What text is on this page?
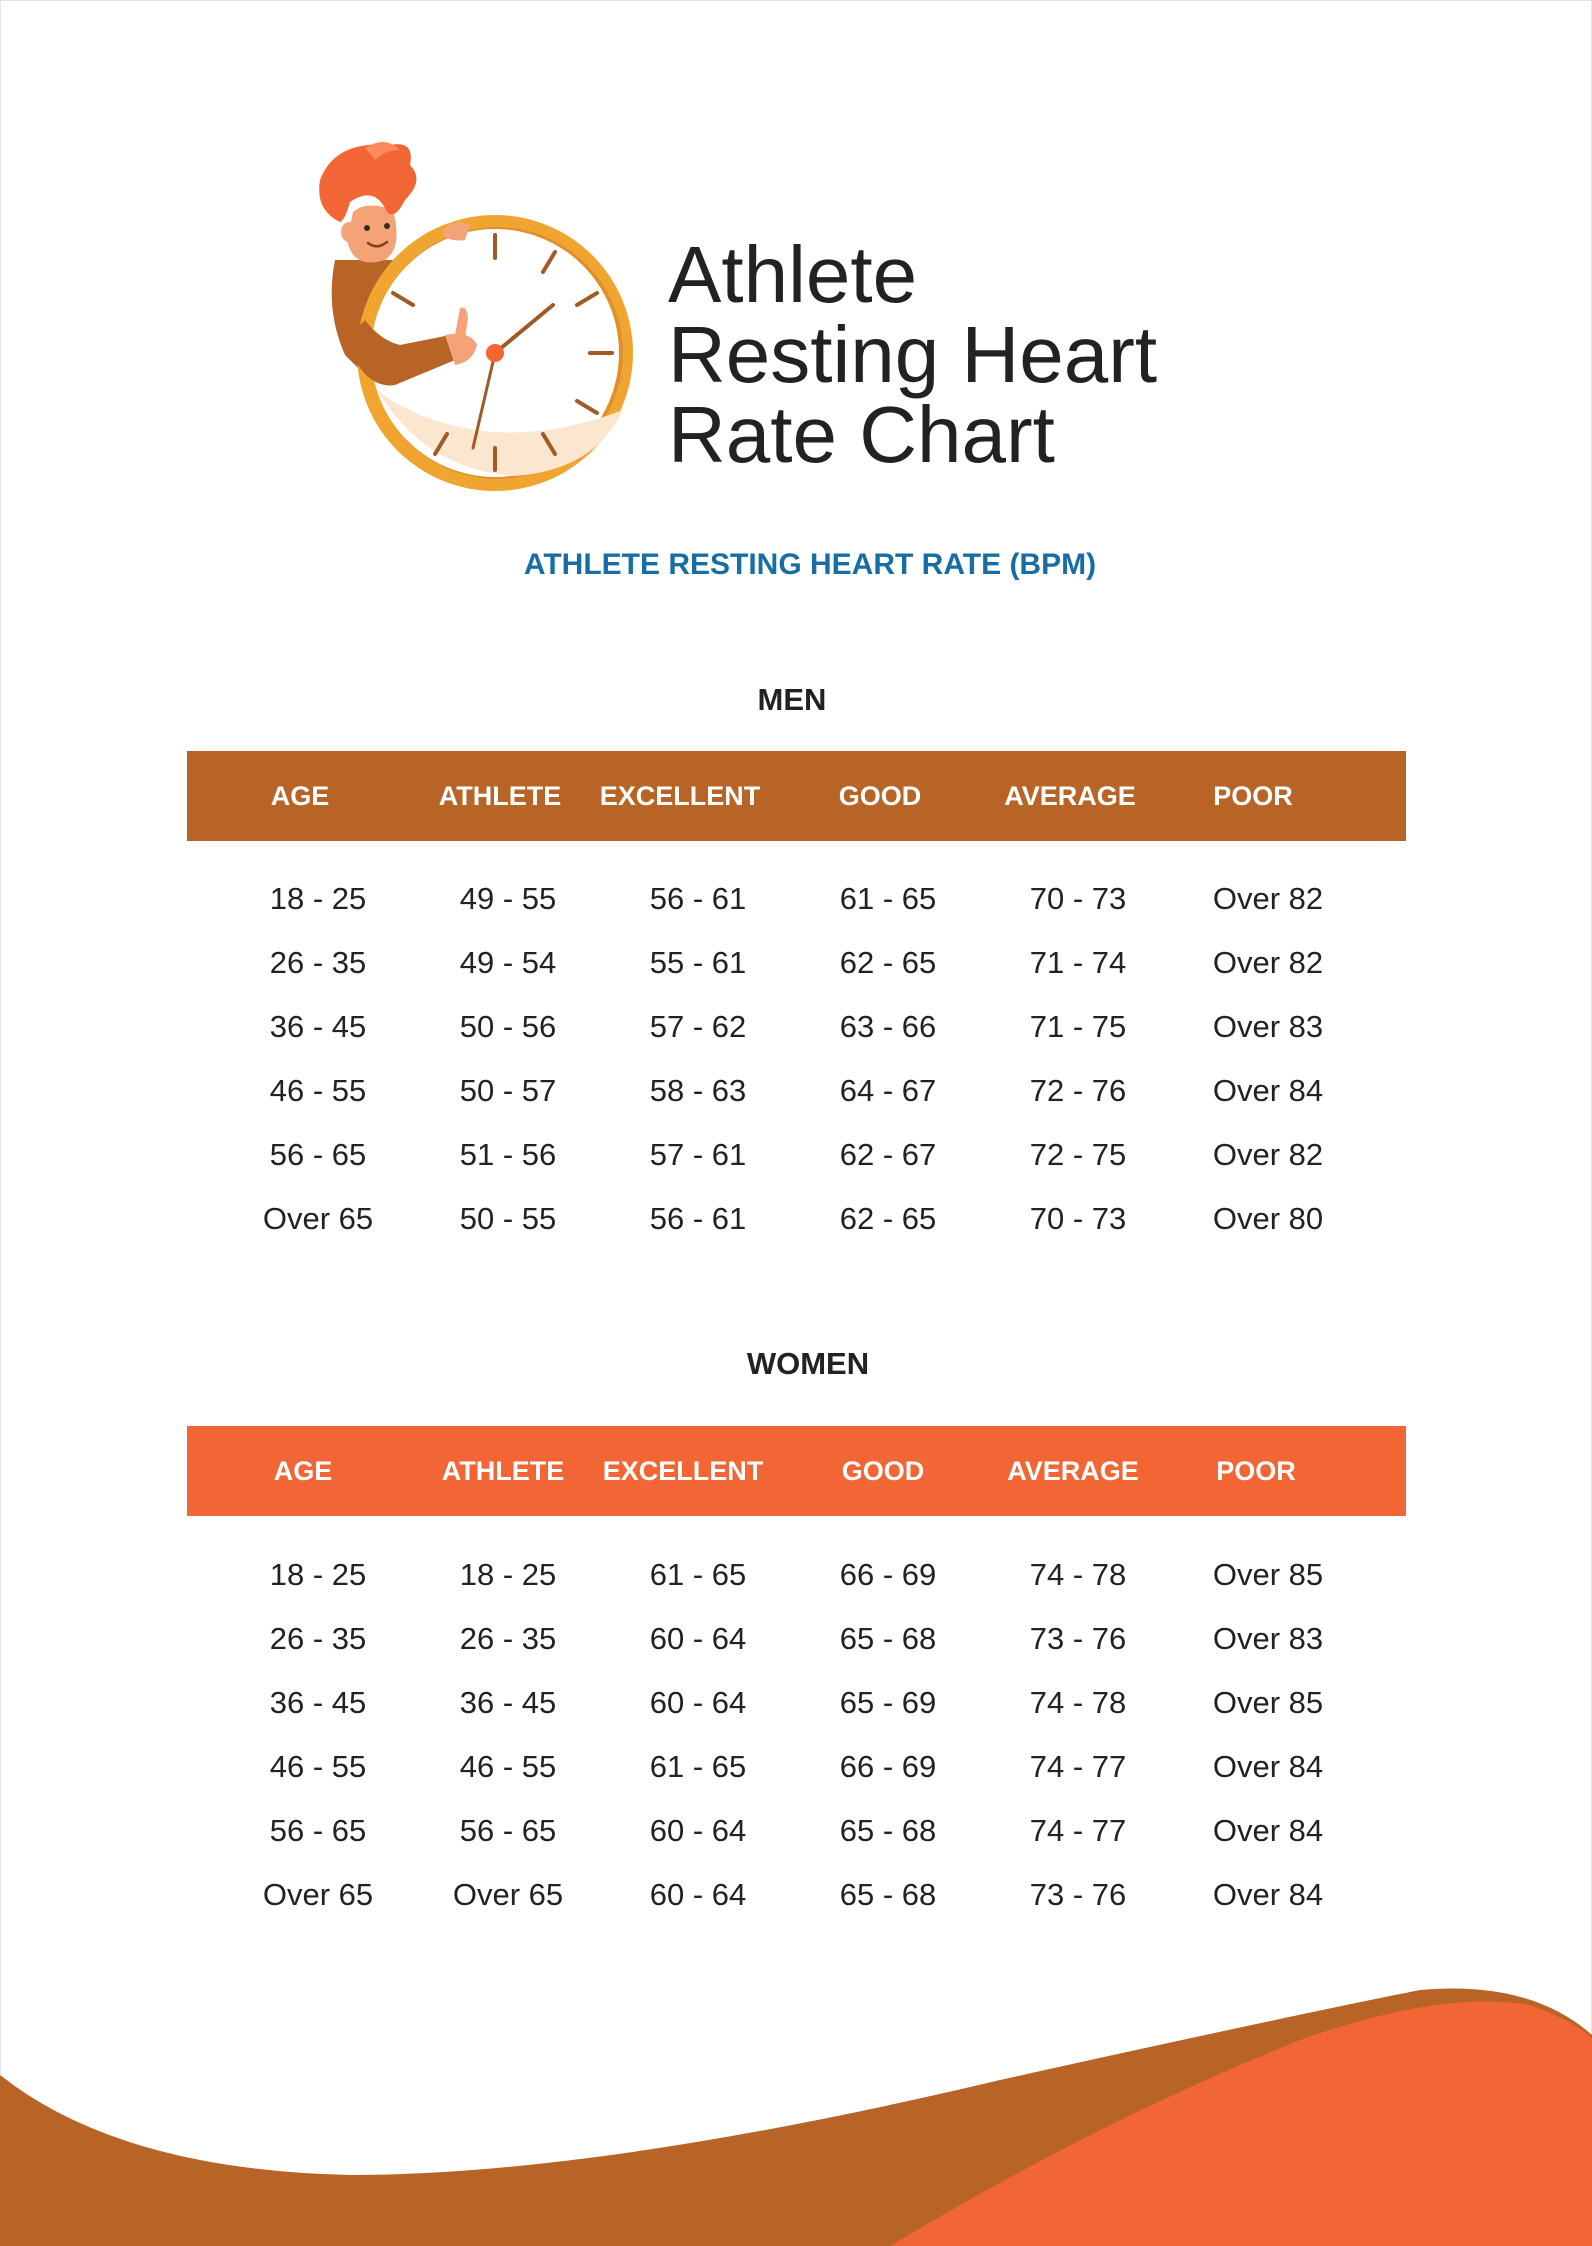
Athlete
Resting Heart
Rate Chart
ATHLETE RESTING HEART RATE (BPM)
MEN
AGE	ATHLETE	EXCELLENT	GOOD	AVERAGE	POOR
18 - 25	49 - 55	56 - 61	61 - 65	70 - 73	Over 82
26 - 35	49 - 54	55 - 61	62 - 65	71 - 74	Over 82
36 - 45	50 - 56	57 - 62	63 - 66	71 - 75	Over 83
46 - 55	50 - 57	58 - 63	64 - 67	72 - 76	Over 84
56 - 65	51 - 56	57 - 61	62 - 67	72 - 75	Over 82
Over 65	50 - 55	56 - 61	62 - 65	70 - 73	Over 80
WOMEN
AGE	ATHLETE	EXCELLENT	GOOD	AVERAGE	POOR
18 - 25	18 - 25	61 - 65	66 - 69	74 - 78	Over 85
26 - 35	26 - 35	60 - 64	65 - 68	73 - 76	Over 83
36 - 45	36 - 45	60 - 64	65 - 69	74 - 78	Over 85
46 - 55	46 - 55	61 - 65	66 - 69	74 - 77	Over 84
56 - 65	56 - 65	60 - 64	65 - 68	74 - 77	Over 84
Over 65	Over 65	60 - 64	65 - 68	73 - 76	Over 84
